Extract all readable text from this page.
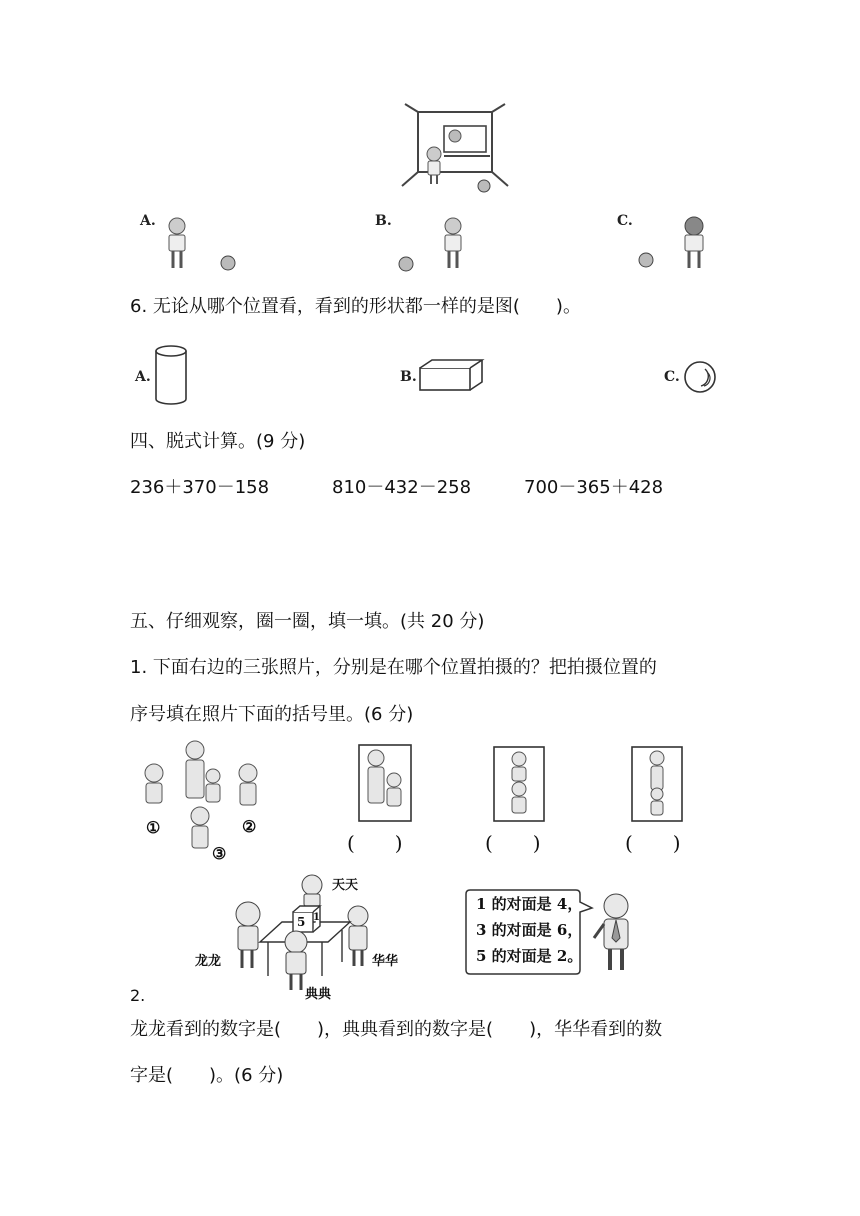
A.	B.	C.
6. 无论从哪个位置看，看到的形状都一样的是图(　　)。
A.	B.	C.
四、脱式计算。(9 分)
236＋370－158	810－432－258	700－365＋428
五、仔细观察，圈一圈，填一填。(共 20 分)
1. 下面右边的三张照片，分别是在哪个位置拍摄的？把拍摄位置的
序号填在照片下面的括号里。(6 分)
①	②
③	(　　)	(　　)	(　　)
5 1
天天
龙龙	华华
典典
1 的对面是 4，
3 的对面是 6，
5 的对面是 2。
2.
龙龙看到的数字是(　　)，典典看到的数字是(　　)，华华看到的数
字是(　　)。(6 分)
